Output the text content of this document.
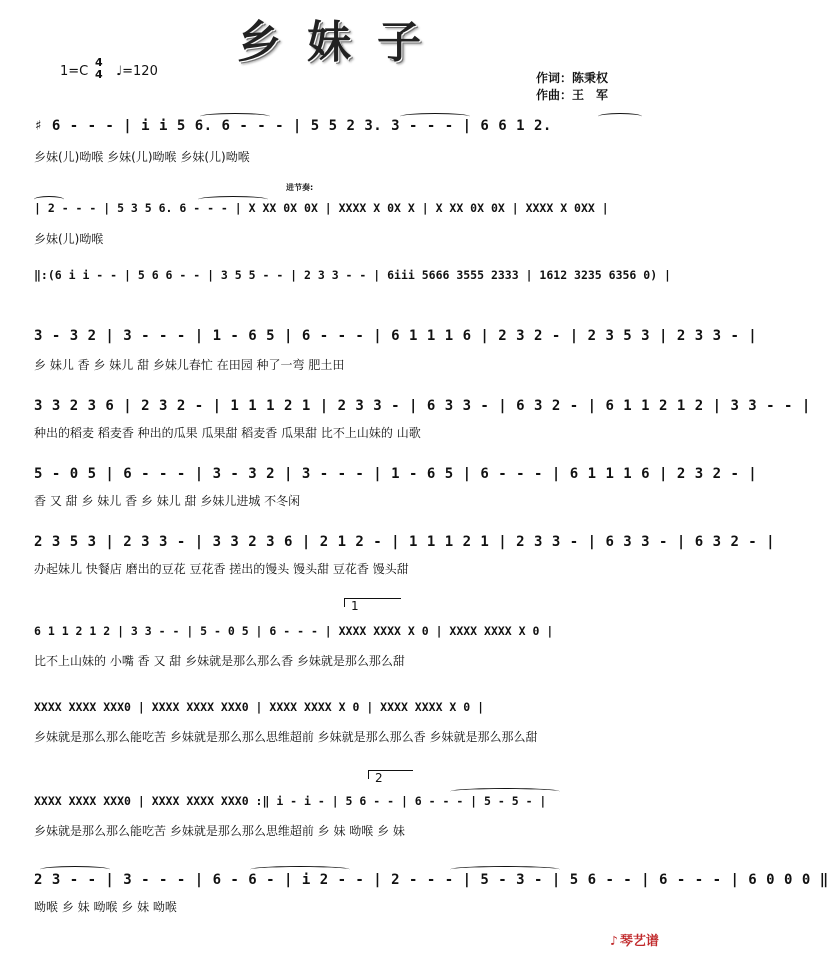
乡妹子
1=C
4
4 ♩=120	作词：陈秉权
作曲：王　军
♯ 6 - - - | i i 5 6. 6 - - - | 5 5 2 3. 3 - - - | 6 6 1 2.
乡妹(儿)呦喉 乡妹(儿)呦喉 乡妹(儿)呦喉
进节奏:
| 2 - - - | 5 3 5 6. 6 - - - | X XX 0X 0X | XXXX X 0X X | X XX 0X 0X | XXXX X 0XX |
乡妹(儿)呦喉
‖:(6 i i - - | 5 6 6 - - | 3 5 5 - - | 2 3 3 - - | 6iii 5666 3555 2333 | 1612 3235 6356 0) |
3 - 3 2 | 3 - - - | 1 - 6 5 | 6 - - - | 6 1 1 1 6 | 2 3 2 - | 2 3 5 3 | 2 3 3 - |
乡 妹儿 香 乡 妹儿 甜 乡妹儿春忙 在田园 种了一弯 肥土田
3 3 2 3 6 | 2 3 2 - | 1 1 1 2 1 | 2 3 3 - | 6 3 3 - | 6 3 2 - | 6 1 1 2 1 2 | 3 3 - - |
种出的稻麦 稻麦香 种出的瓜果 瓜果甜 稻麦香 瓜果甜 比不上山妹的 山歌
5 - 0 5 | 6 - - - | 3 - 3 2 | 3 - - - | 1 - 6 5 | 6 - - - | 6 1 1 1 6 | 2 3 2 - |
香 又 甜 乡 妹儿 香 乡 妹儿 甜 乡妹儿进城 不冬闲
2 3 5 3 | 2 3 3 - | 3 3 2 3 6 | 2 1 2 - | 1 1 1 2 1 | 2 3 3 - | 6 3 3 - | 6 3 2 - |
办起妹儿 快餐店 磨出的豆花 豆花香 搓出的馒头 馒头甜 豆花香 馒头甜
1
6 1 1 2 1 2 | 3 3 - - | 5 - 0 5 | 6 - - - | XXXX XXXX X 0 | XXXX XXXX X 0 |
比不上山妹的 小嘴 香 又 甜 乡妹就是那么那么香 乡妹就是那么那么甜
XXXX XXXX XXX0 | XXXX XXXX XXX0 | XXXX XXXX X 0 | XXXX XXXX X 0 |
乡妹就是那么那么能吃苦 乡妹就是那么那么思维超前 乡妹就是那么那么香 乡妹就是那么那么甜
2
XXXX XXXX XXX0 | XXXX XXXX XXX0 :‖ i - i - | 5 6 - - | 6 - - - | 5 - 5 - |
乡妹就是那么那么能吃苦 乡妹就是那么那么思维超前 乡 妹 呦喉 乡 妹
2 3 - - | 3 - - - | 6 - 6 - | i 2 - - | 2 - - - | 5 - 3 - | 5 6 - - | 6 - - - | 6 0 0 0 ‖
呦喉 乡 妹 呦喉 乡 妹 呦喉
♪ 琴艺谱
